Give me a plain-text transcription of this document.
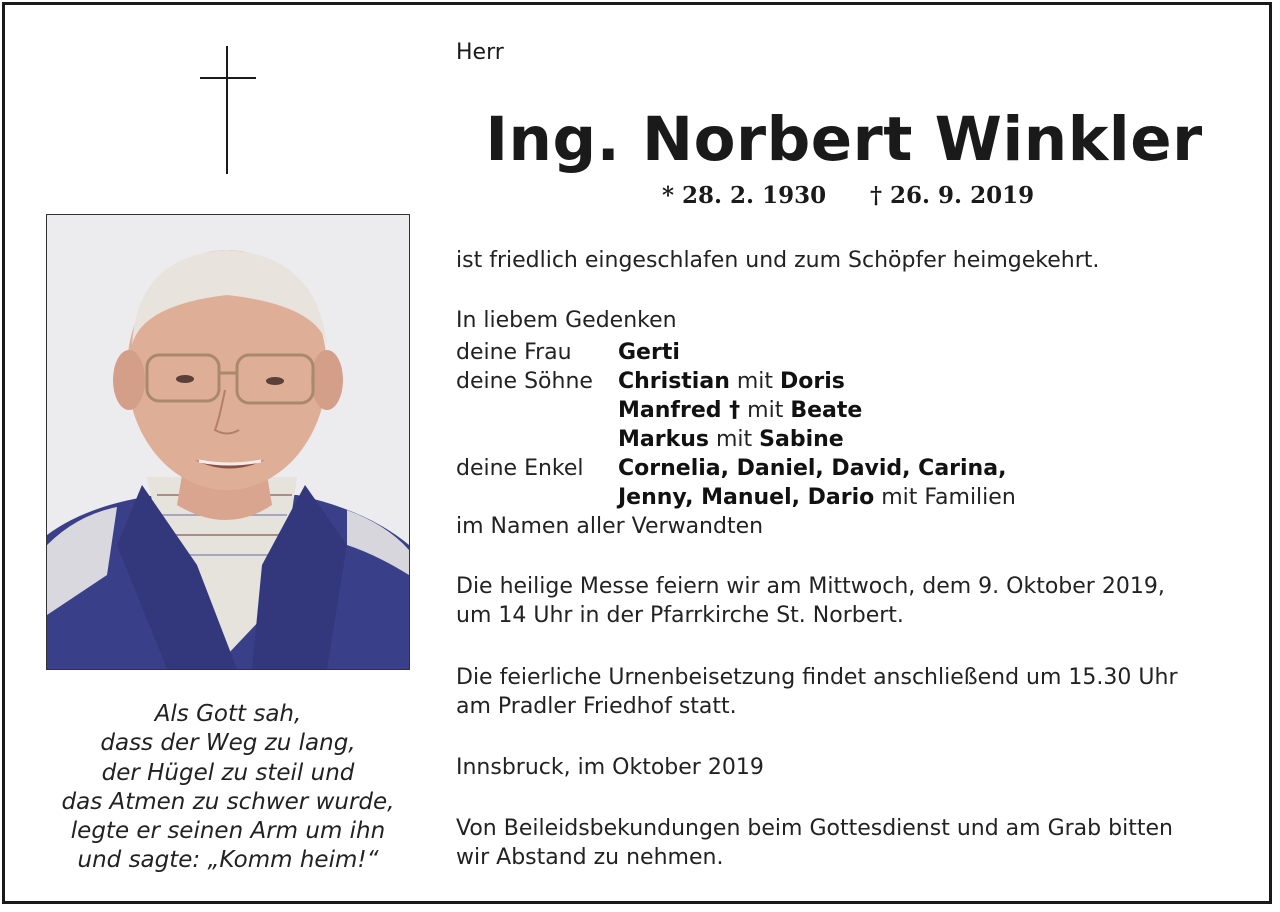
Als Gott sah,
dass der Weg zu lang,
der Hügel zu steil und
das Atmen zu schwer wurde,
legte er seinen Arm um ihn
und sagte: „Komm heim!“
Herr
Ing. Norbert Winkler
* 28. 2. 1930 † 26. 9. 2019
ist friedlich eingeschlafen und zum Schöpfer heimgekehrt.
In liebem Gedenken
deine Frau Gerti
deine Söhne Christian mit Doris
Manfred † mit Beate
Markus mit Sabine
deine Enkel Cornelia, Daniel, David, Carina,
Jenny, Manuel, Dario mit Familien
im Namen aller Verwandten
Die heilige Messe feiern wir am Mittwoch, dem 9. Oktober 2019,
um 14 Uhr in der Pfarrkirche St. Norbert.
Die feierliche Urnenbeisetzung findet anschließend um 15.30 Uhr
am Pradler Friedhof statt.
Innsbruck, im Oktober 2019
Von Beileidsbekundungen beim Gottesdienst und am Grab bitten
wir Abstand zu nehmen.
